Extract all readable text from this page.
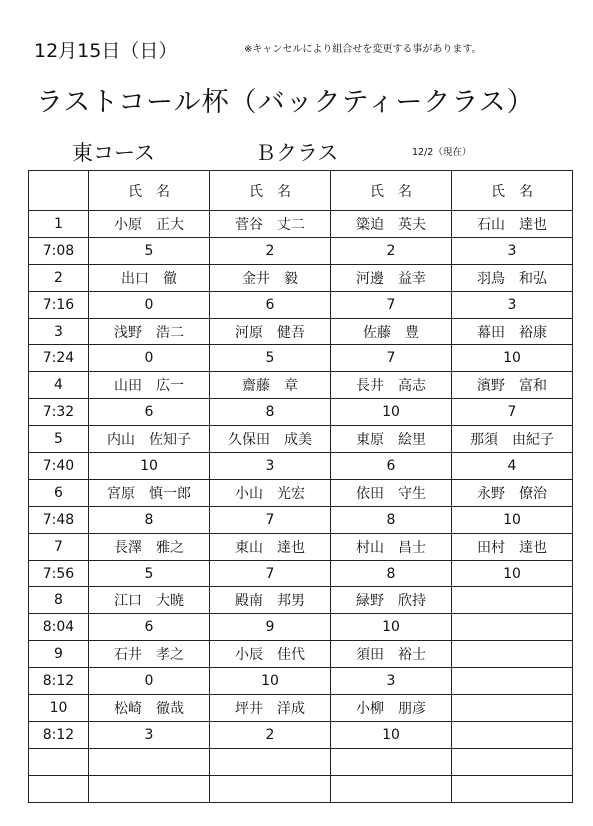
12月15日（日）	※キャンセルにより組合せを変更する事があります。
ラストコール杯（バックティークラス）
東コース	Ｂクラス	12/2（現在）
	氏　名	氏　名	氏　名	氏　名
1	小原　正大	菅谷　丈二	簗迫　英夫	石山　達也
7:08	5	2	2	3
2	出口　徹	金井　毅	河邊　益幸	羽鳥　和弘
7:16	0	6	7	3
3	浅野　浩二	河原　健吾	佐藤　豊	幕田　裕康
7:24	0	5	7	10
4	山田　広一	齋藤　章	長井　高志	濱野　富和
7:32	6	8	10	7
5	内山　佐知子	久保田　成美	東原　絵里	那須　由紀子
7:40	10	3	6	4
6	宮原　慎一郎	小山　光宏	依田　守生	永野　僚治
7:48	8	7	8	10
7	長澤　雅之	東山　達也	村山　昌士	田村　達也
7:56	5	7	8	10
8	江口　大暁	殿南　邦男	緑野　欣持	
8:04	6	9	10	
9	石井　孝之	小辰　佳代	須田　裕士	
8:12	0	10	3	
10	松崎　徹哉	坪井　洋成	小柳　朋彦	
8:12	3	2	10	
